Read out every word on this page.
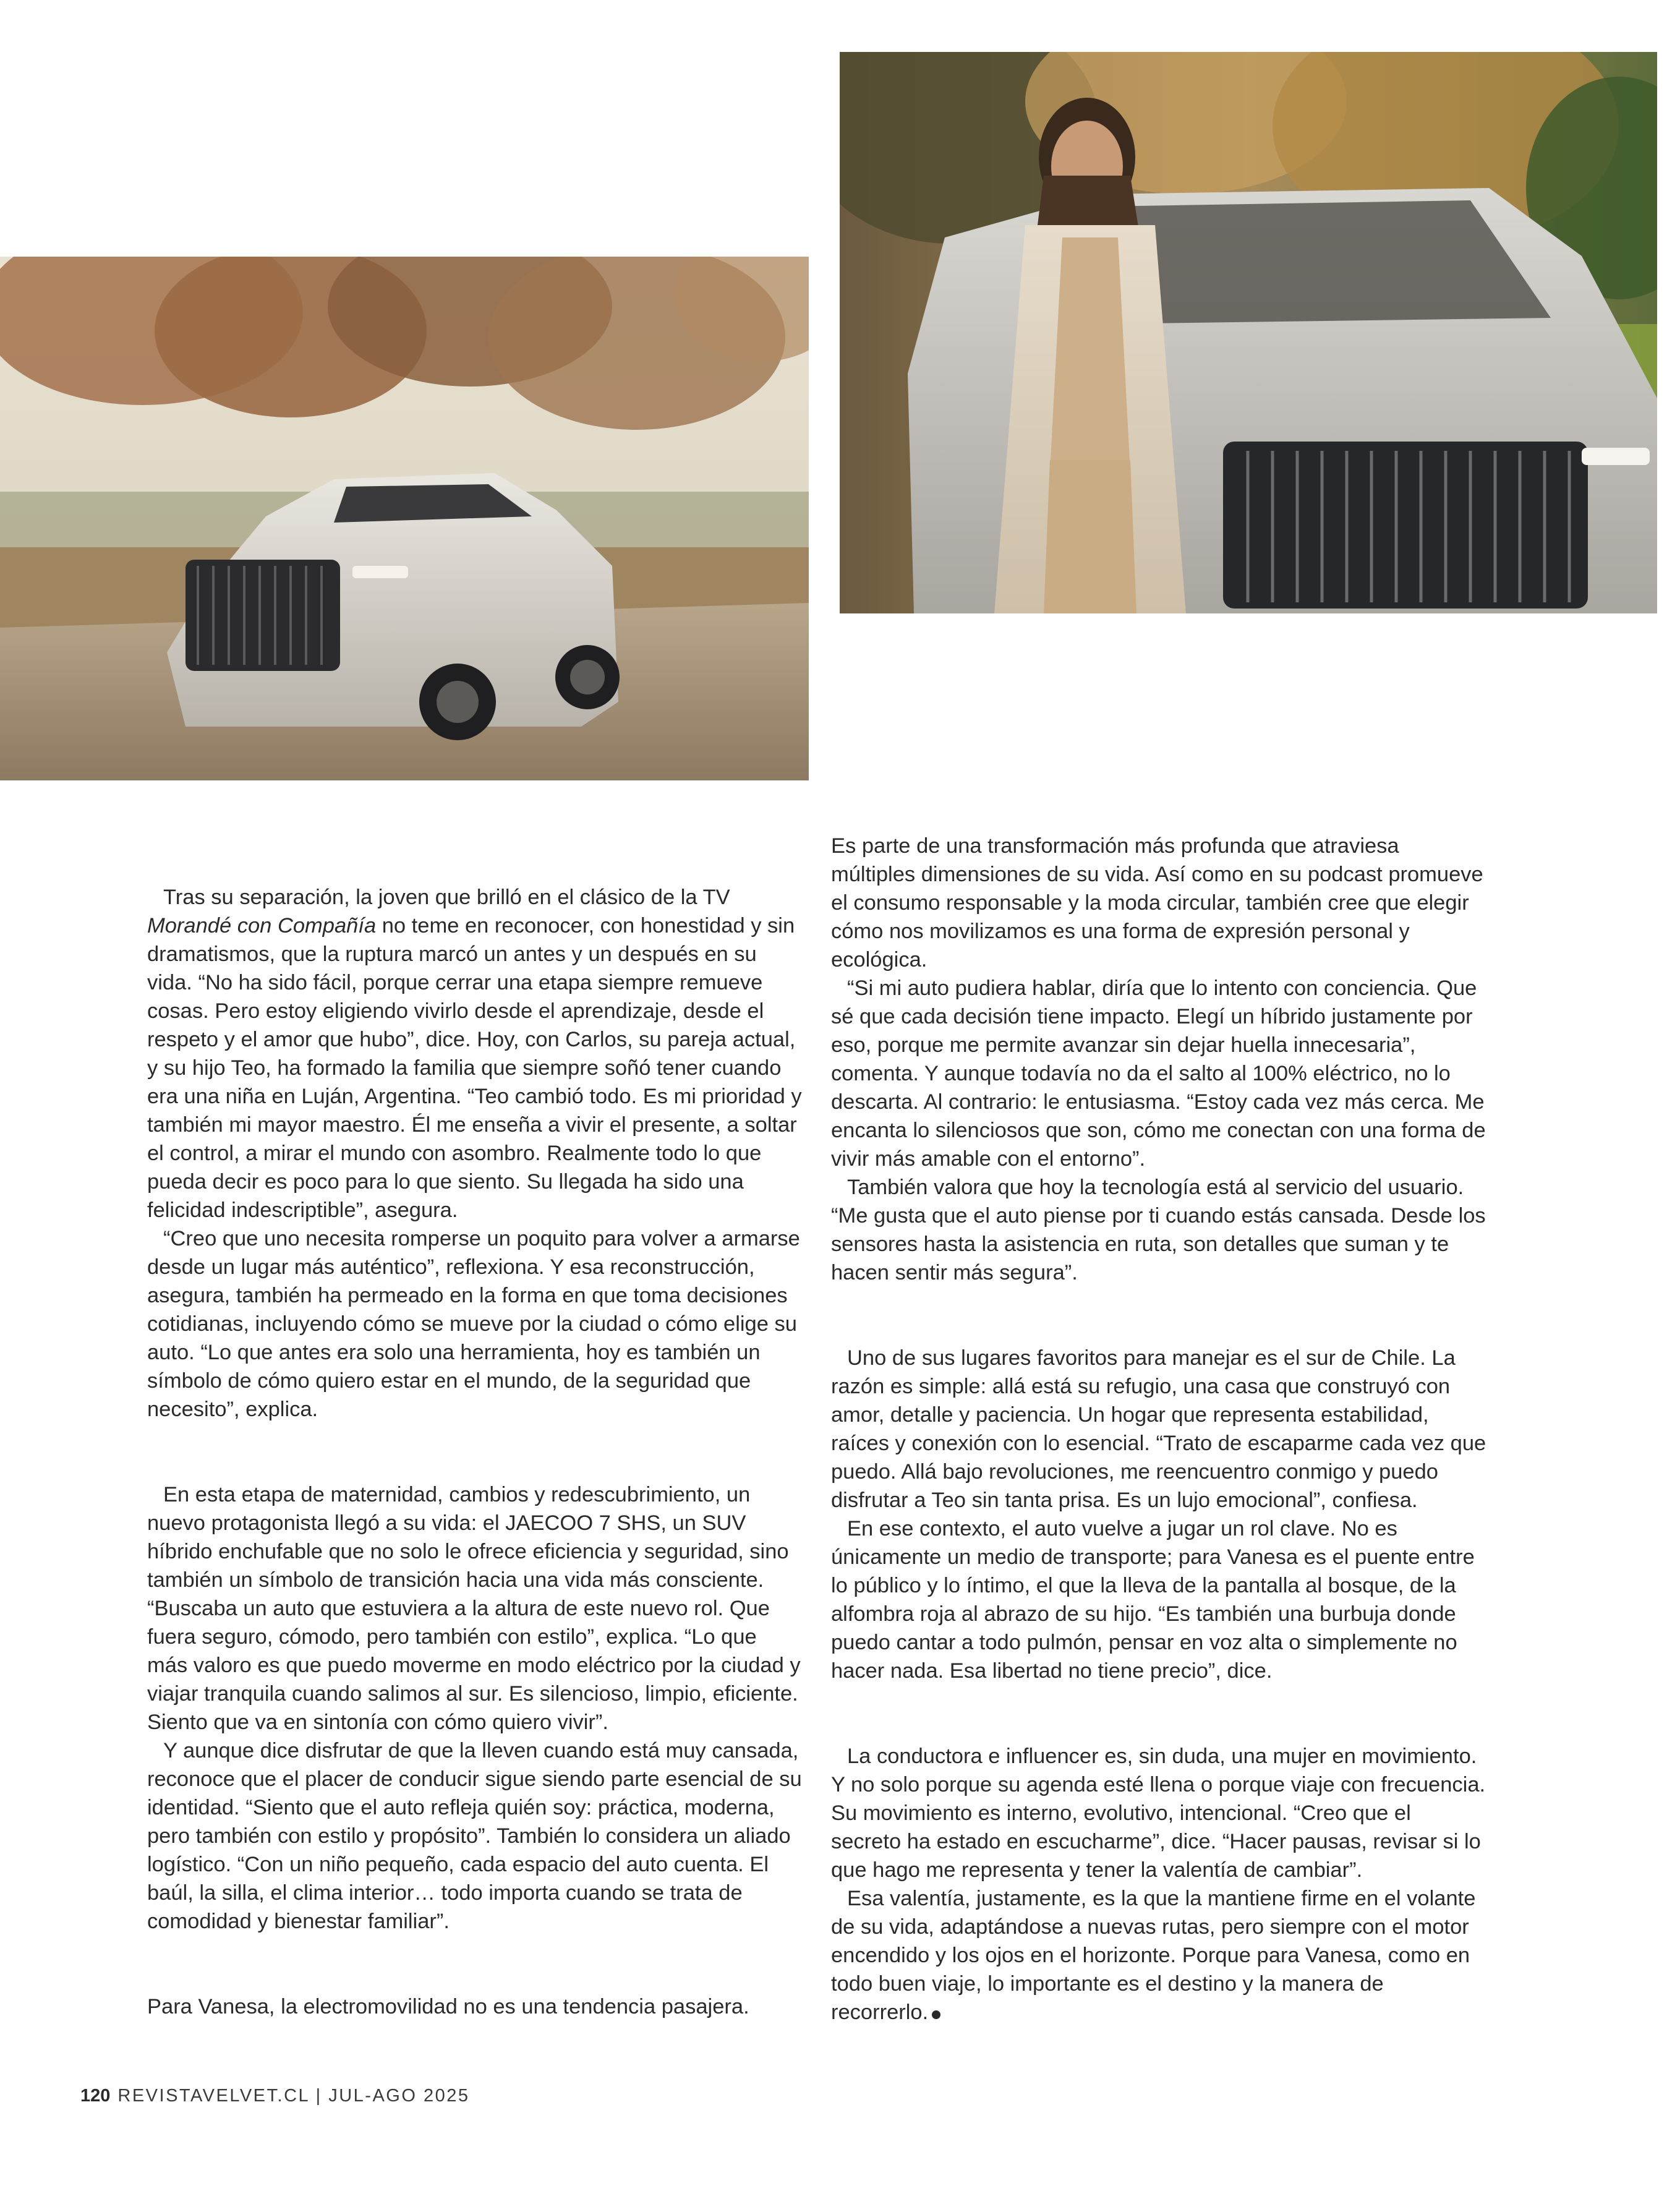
Tras su separación, la joven que brilló en el clásico de la TV Morandé con Compañía no teme en reconocer, con honestidad y sin dramatismos, que la ruptura marcó un antes y un después en su vida. “No ha sido fácil, porque cerrar una etapa siempre remueve cosas. Pero estoy eligiendo vivirlo desde el aprendizaje, desde el respeto y el amor que hubo”, dice. Hoy, con Carlos, su pareja actual, y su hijo Teo, ha formado la familia que siempre soñó tener cuando era una niña en Luján, Argentina. “Teo cambió todo. Es mi prioridad y también mi mayor maestro. Él me enseña a vivir el presente, a soltar el control, a mirar el mundo con asombro. Realmente todo lo que pueda decir es poco para lo que siento. Su llegada ha sido una felicidad indescriptible”, asegura.

“Creo que uno necesita romperse un poquito para volver a armarse desde un lugar más auténtico”, reflexiona. Y esa reconstrucción, asegura, también ha permeado en la forma en que toma decisiones cotidianas, incluyendo cómo se mueve por la ciudad o cómo elige su auto. “Lo que antes era solo una herramienta, hoy es también un símbolo de cómo quiero estar en el mundo, de la seguridad que necesito”, explica.

En esta etapa de maternidad, cambios y redescubrimiento, un nuevo protagonista llegó a su vida: el JAECOO 7 SHS, un SUV híbrido enchufable que no solo le ofrece eficiencia y seguridad, sino también un símbolo de transición hacia una vida más consciente. “Buscaba un auto que estuviera a la altura de este nuevo rol. Que fuera seguro, cómodo, pero también con estilo”, explica. “Lo que más valoro es que puedo moverme en modo eléctrico por la ciudad y viajar tranquila cuando salimos al sur. Es silencioso, limpio, eficiente. Siento que va en sintonía con cómo quiero vivir”.

Y aunque dice disfrutar de que la lleven cuando está muy cansada, reconoce que el placer de conducir sigue siendo parte esencial de su identidad. “Siento que el auto refleja quién soy: práctica, moderna, pero también con estilo y propósito”. También lo considera un aliado logístico. “Con un niño pequeño, cada espacio del auto cuenta. El baúl, la silla, el clima interior… todo importa cuando se trata de comodidad y bienestar familiar”.

Para Vanesa, la electromovilidad no es una tendencia pasajera.

Es parte de una transformación más profunda que atraviesa múltiples dimensiones de su vida. Así como en su podcast promueve el consumo responsable y la moda circular, también cree que elegir cómo nos movilizamos es una forma de expresión personal y ecológica.

“Si mi auto pudiera hablar, diría que lo intento con conciencia. Que sé que cada decisión tiene impacto. Elegí un híbrido justamente por eso, porque me permite avanzar sin dejar huella innecesaria”, comenta. Y aunque todavía no da el salto al 100% eléctrico, no lo descarta. Al contrario: le entusiasma. “Estoy cada vez más cerca. Me encanta lo silenciosos que son, cómo me conectan con una forma de vivir más amable con el entorno”.

También valora que hoy la tecnología está al servicio del usuario. “Me gusta que el auto piense por ti cuando estás cansada. Desde los sensores hasta la asistencia en ruta, son detalles que suman y te hacen sentir más segura”.

Uno de sus lugares favoritos para manejar es el sur de Chile. La razón es simple: allá está su refugio, una casa que construyó con amor, detalle y paciencia. Un hogar que representa estabilidad, raíces y conexión con lo esencial. “Trato de escaparme cada vez que puedo. Allá bajo revoluciones, me reencuentro conmigo y puedo disfrutar a Teo sin tanta prisa. Es un lujo emocional”, confiesa.

En ese contexto, el auto vuelve a jugar un rol clave. No es únicamente un medio de transporte; para Vanesa es el puente entre lo público y lo íntimo, el que la lleva de la pantalla al bosque, de la alfombra roja al abrazo de su hijo. “Es también una burbuja donde puedo cantar a todo pulmón, pensar en voz alta o simplemente no hacer nada. Esa libertad no tiene precio”, dice.

La conductora e influencer es, sin duda, una mujer en movimiento. Y no solo porque su agenda esté llena o porque viaje con frecuencia. Su movimiento es interno, evolutivo, intencional. “Creo que el secreto ha estado en escucharme”, dice. “Hacer pausas, revisar si lo que hago me representa y tener la valentía de cambiar”.

Esa valentía, justamente, es la que la mantiene firme en el volante de su vida, adaptándose a nuevas rutas, pero siempre con el motor encendido y los ojos en el horizonte. Porque para Vanesa, como en todo buen viaje, lo importante es el destino y la manera de recorrerlo.

120 REVISTAVELVET.CL | JUL-AGO 2025
